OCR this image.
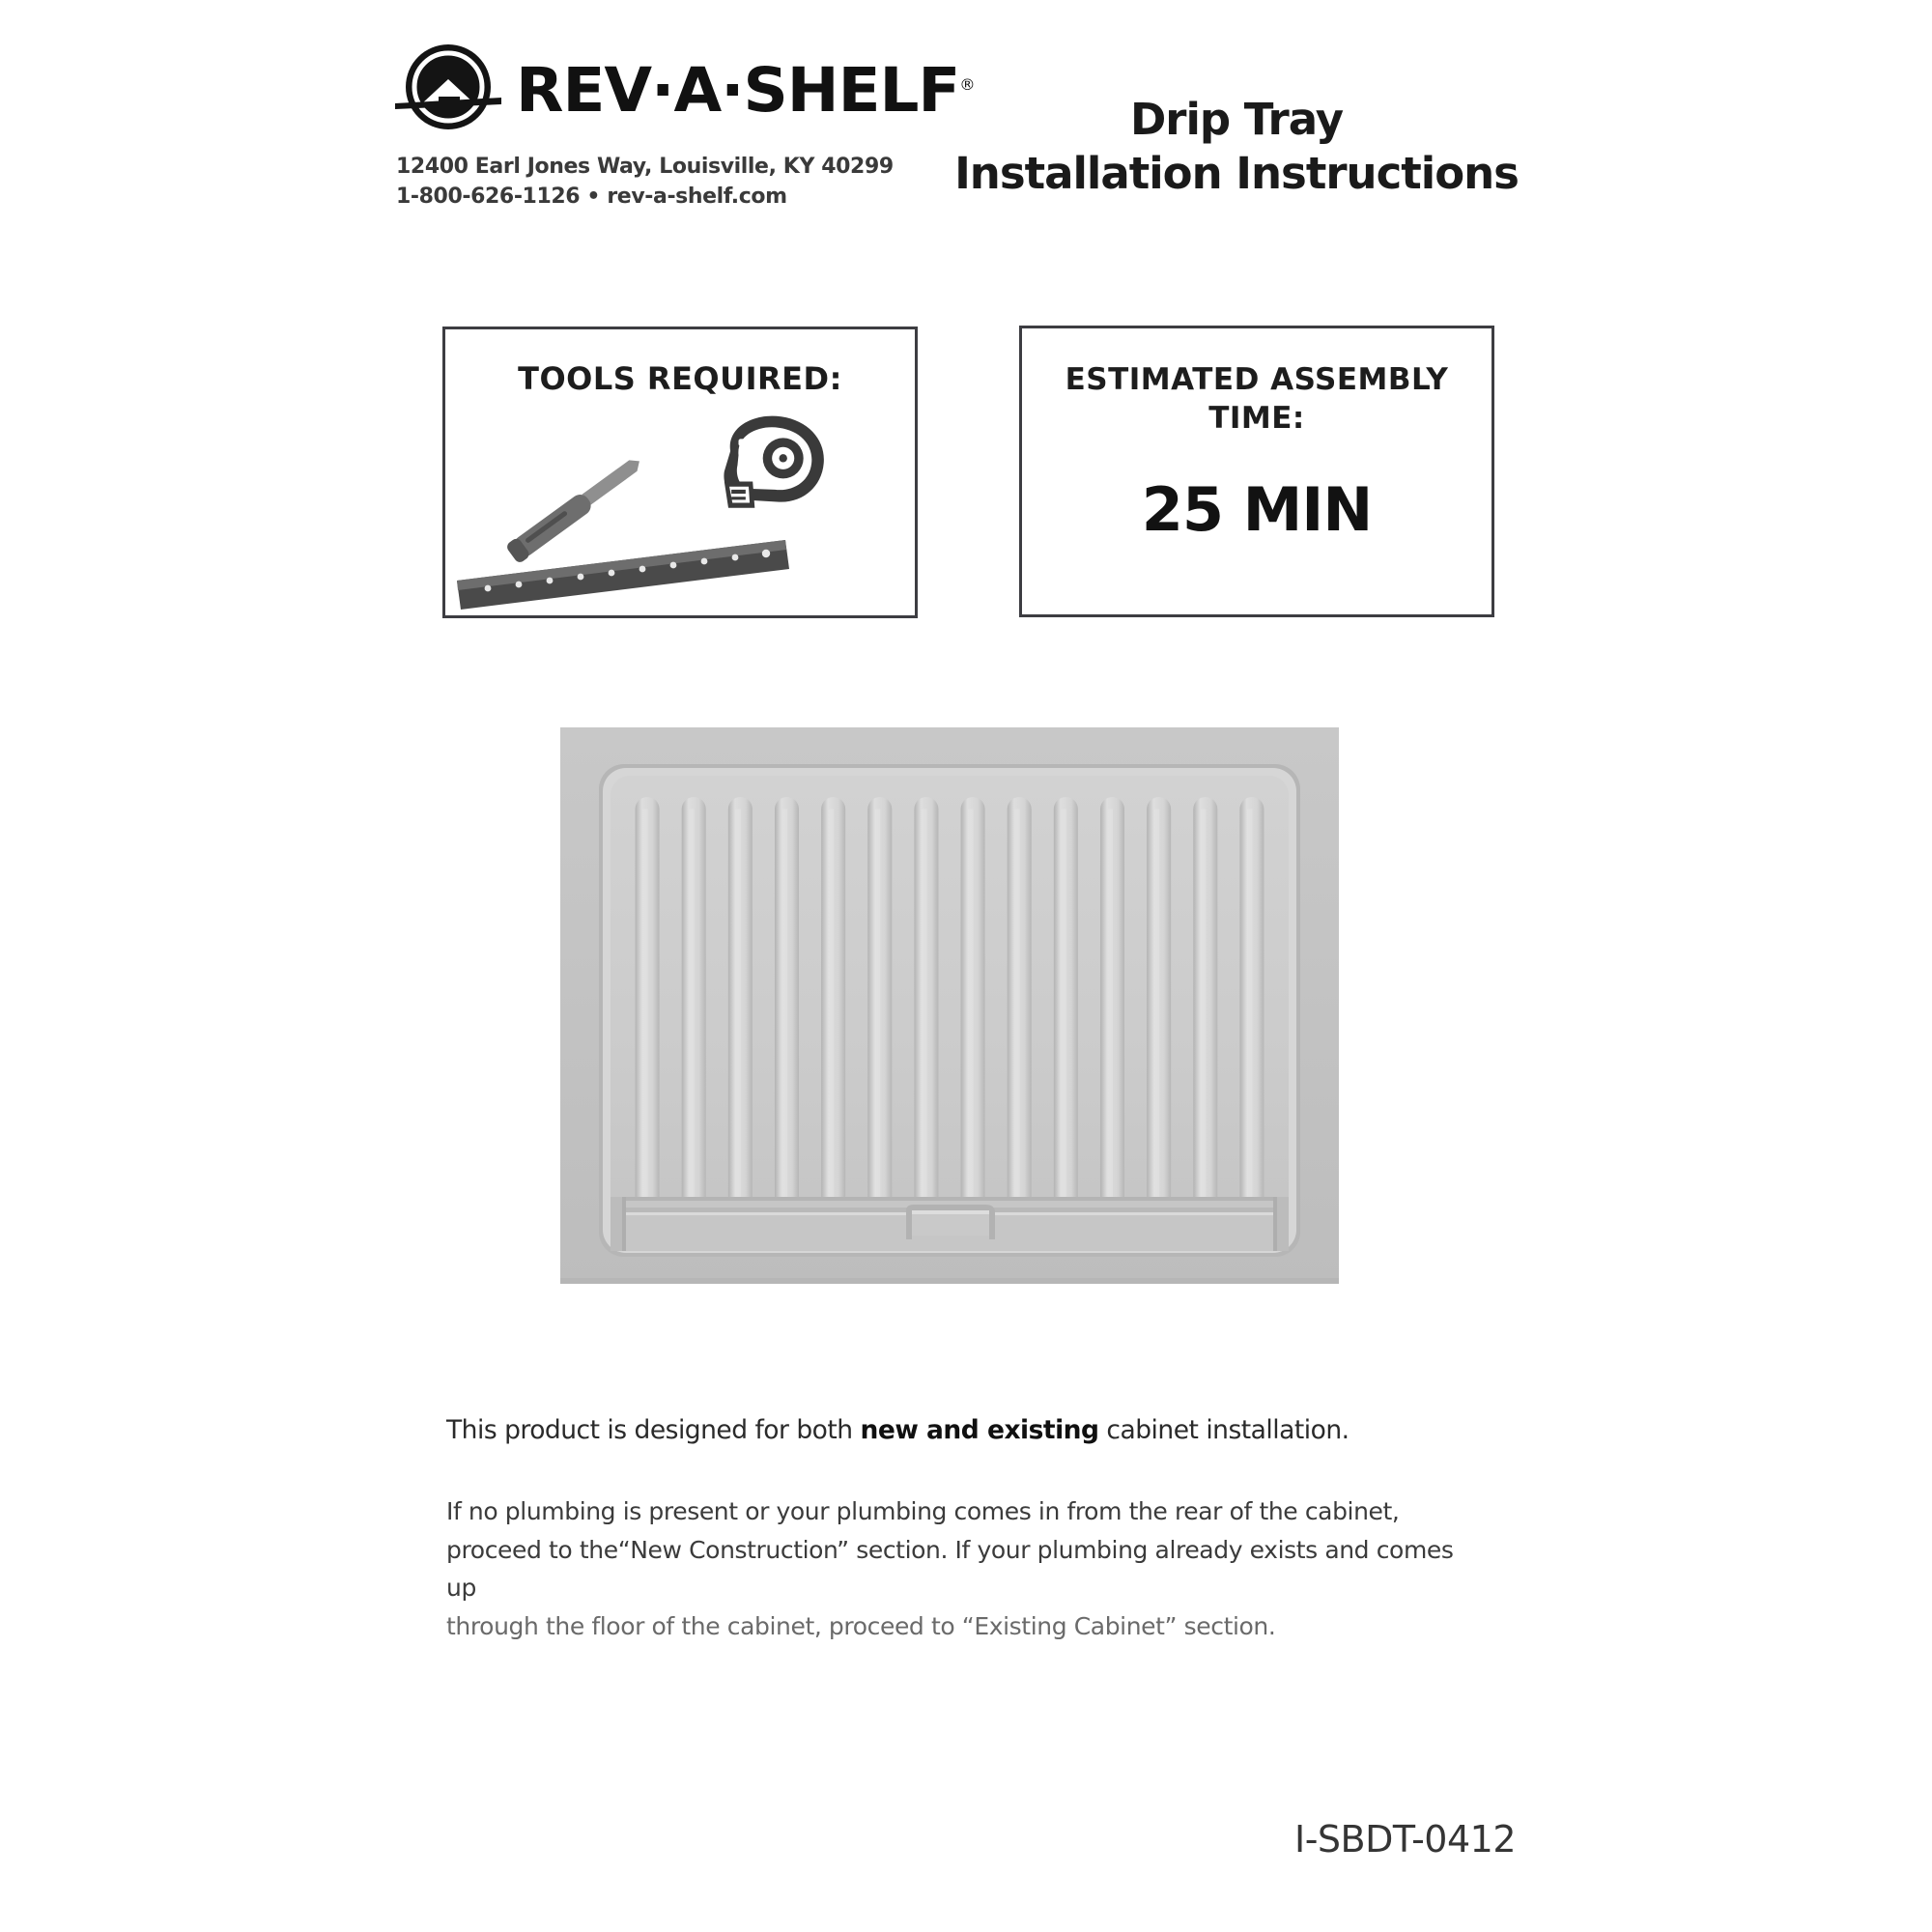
REV·A·SHELF®
12400 Earl Jones Way, Louisville, KY 40299
1-800-626-1126 • rev-a-shelf.com
Drip Tray
Installation Instructions
TOOLS REQUIRED:	ESTIMATED ASSEMBLY TIME:
25 MIN
This product is designed for both new and existing cabinet installation.
If no plumbing is present or your plumbing comes in from the rear of the cabinet,
proceed to the“New Construction” section. If your plumbing already exists and comes up
through the floor of the cabinet, proceed to “Existing Cabinet” section.
I-SBDT-0412
